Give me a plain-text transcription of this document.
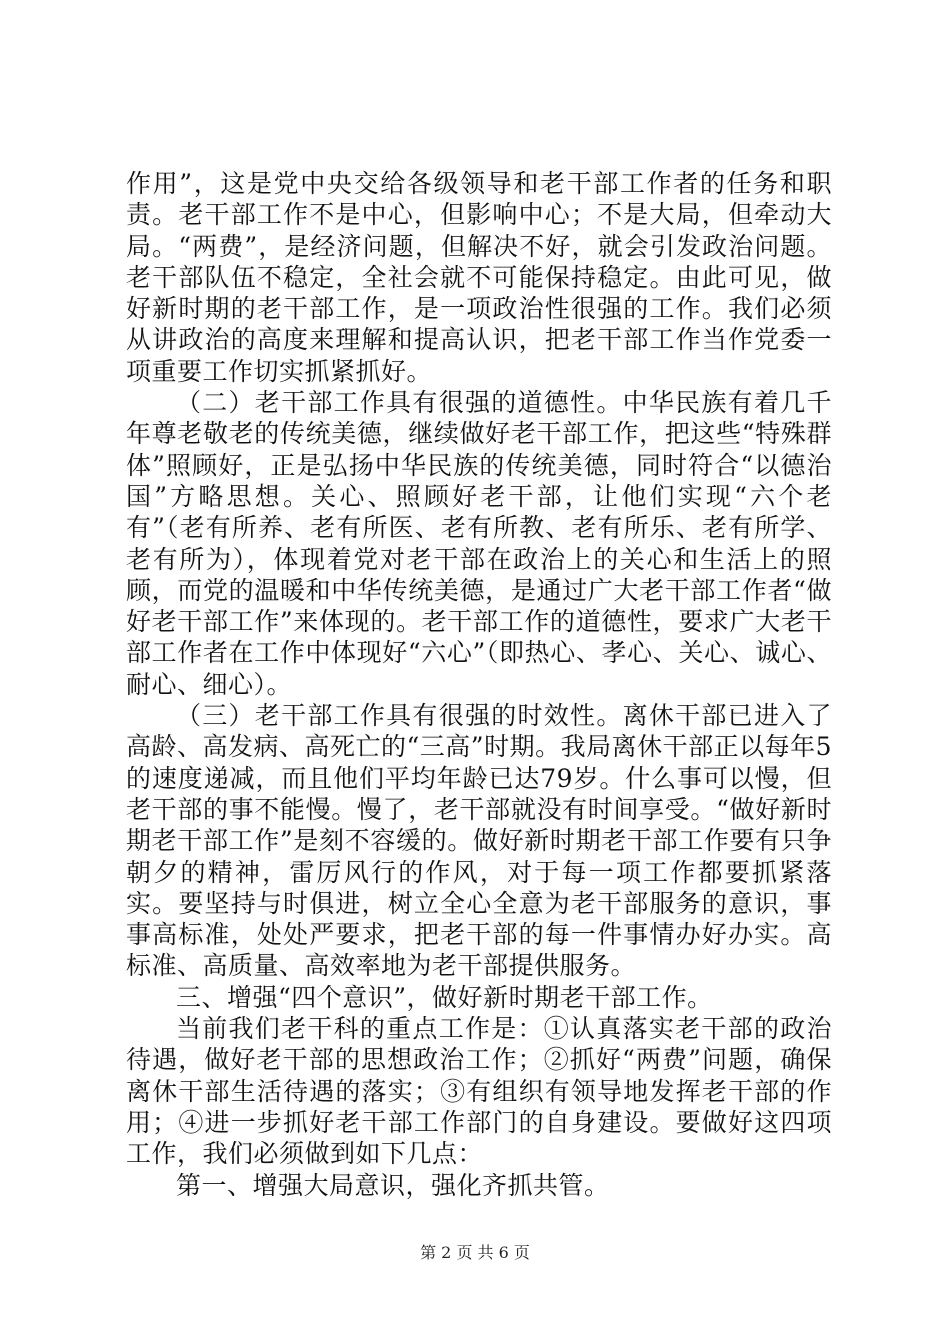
作用”，这是党中央交给各级领导和老干部工作者的任务和职责。老干部工作不是中心，但影响中心；不是大局，但牵动大局。“两费”，是经济问题，但解决不好，就会引发政治问题。老干部队伍不稳定，全社会就不可能保持稳定。由此可见，做好新时期的老干部工作，是一项政治性很强的工作。我们必须从讲政治的高度来理解和提高认识，把老干部工作当作党委一项重要工作切实抓紧抓好。

（二）老干部工作具有很强的道德性。中华民族有着几千年尊老敬老的传统美德，继续做好老干部工作，把这些“特殊群体”照顾好，正是弘扬中华民族的传统美德，同时符合“以德治国”方略思想。关心、照顾好老干部，让他们实现“六个老有”（老有所养、老有所医、老有所教、老有所乐、老有所学、老有所为），体现着党对老干部在政治上的关心和生活上的照顾，而党的温暖和中华传统美德，是通过广大老干部工作者“做好老干部工作”来体现的。老干部工作的道德性，要求广大老干部工作者在工作中体现好“六心”（即热心、孝心、关心、诚心、耐心、细心）。

（三）老干部工作具有很强的时效性。离休干部已进入了高龄、高发病、高死亡的“三高”时期。我局离休干部正以每年5的速度递减，而且他们平均年龄已达79岁。什么事可以慢，但老干部的事不能慢。慢了，老干部就没有时间享受。“做好新时期老干部工作”是刻不容缓的。做好新时期老干部工作要有只争朝夕的精神，雷厉风行的作风，对于每一项工作都要抓紧落实。要坚持与时俱进，树立全心全意为老干部服务的意识，事事高标准，处处严要求，把老干部的每一件事情办好办实。高标准、高质量、高效率地为老干部提供服务。

三、增强“四个意识”，做好新时期老干部工作。

当前我们老干科的重点工作是：①认真落实老干部的政治待遇，做好老干部的思想政治工作；②抓好“两费”问题，确保离休干部生活待遇的落实；③有组织有领导地发挥老干部的作用；④进一步抓好老干部工作部门的自身建设。要做好这四项工作，我们必须做到如下几点：

第一、增强大局意识，强化齐抓共管。

第 2 页 共 6 页
